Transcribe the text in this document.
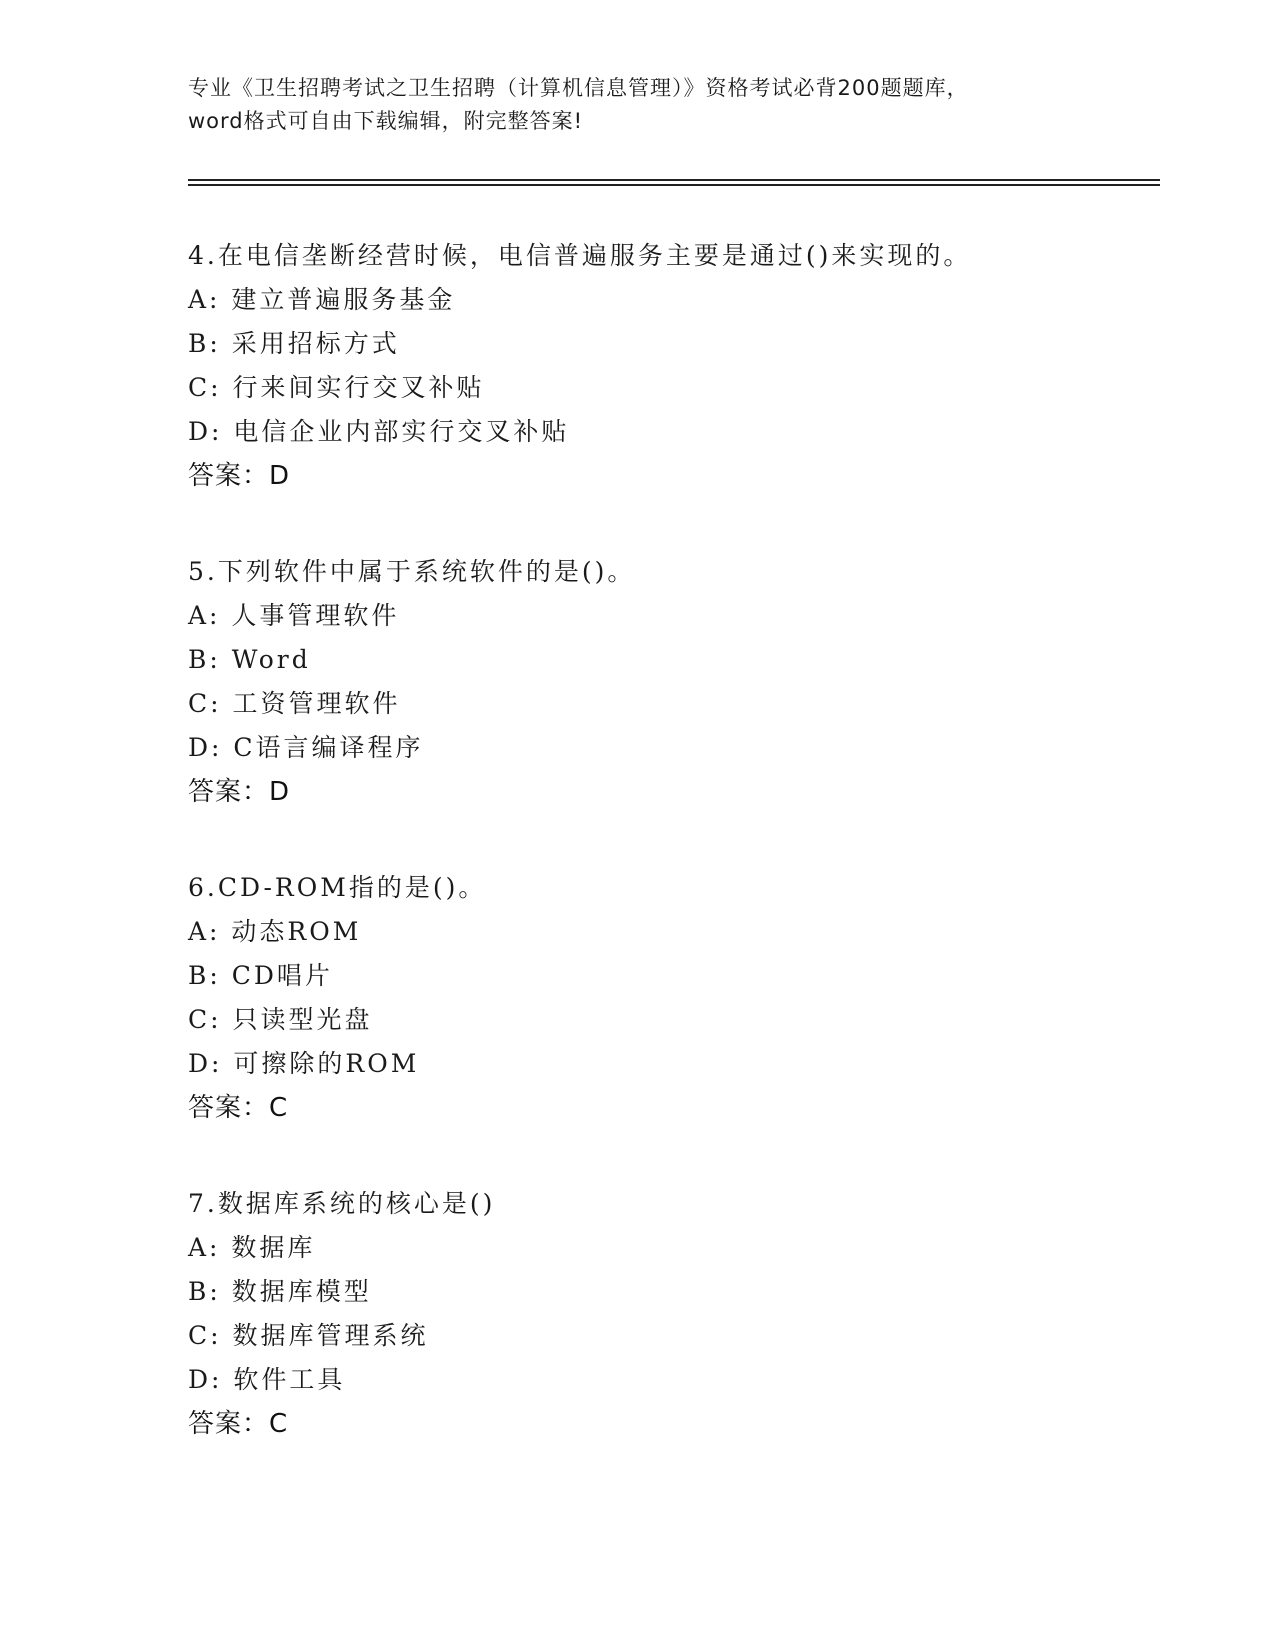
专业《卫生招聘考试之卫生招聘（计算机信息管理）》资格考试必背200题题库，
word格式可自由下载编辑，附完整答案!
4.在电信垄断经营时候，电信普遍服务主要是通过()来实现的。
A: 建立普遍服务基金
B: 采用招标方式
C: 行来间实行交叉补贴
D: 电信企业内部实行交叉补贴
答案：D
5.下列软件中属于系统软件的是()。
A: 人事管理软件
B: Word
C: 工资管理软件
D: C语言编译程序
答案：D
6.CD-ROM指的是()。
A: 动态ROM
B: CD唱片
C: 只读型光盘
D: 可擦除的ROM
答案：C
7.数据库系统的核心是()
A: 数据库
B: 数据库模型
C: 数据库管理系统
D: 软件工具
答案：C
